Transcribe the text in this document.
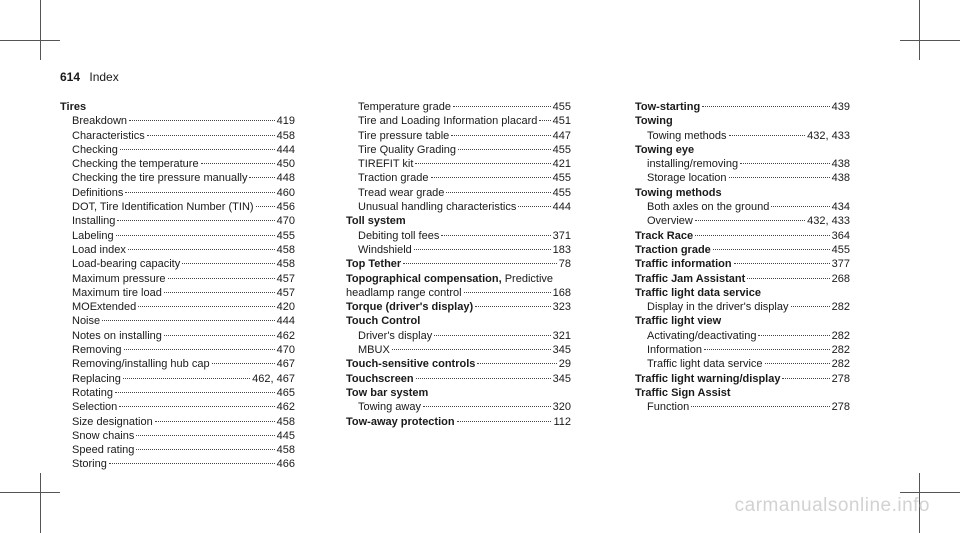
614 Index
Tires
Breakdown	419
Characteristics	458
Checking	444
Checking the temperature	450
Checking the tire pressure manually	448
Definitions	460
DOT, Tire Identification Number (TIN) 456
Installing	470
Labeling	455
Load index	458
Load-bearing capacity	458
Maximum pressure	457
Maximum tire load	457
MOExtended	420
Noise	444
Notes on installing	462
Removing	470
Removing/installing hub cap	467
Replacing	462, 467
Rotating	465
Selection	462
Size designation	458
Snow chains	445
Speed rating	458
Storing	466
Temperature grade	455
Tire and Loading Information placard 451
Tire pressure table	447
Tire Quality Grading	455
TIREFIT kit	421
Traction grade	455
Tread wear grade	455
Unusual handling characteristics	444
Toll system
Debiting toll fees	371
Windshield	183
Top Tether	78
Topographical compensation, Predictive
headlamp range control	168
Torque (driver's display)	323
Touch Control
Driver's display	321
MBUX	345
Touch-sensitive controls	29
Touchscreen	345
Tow bar system
Towing away	320
Tow-away protection	112
Tow-starting	439
Towing
Towing methods	432, 433
Towing eye
installing/removing	438
Storage location	438
Towing methods
Both axles on the ground	434
Overview	432, 433
Track Race	364
Traction grade	455
Traffic information	377
Traffic Jam Assistant	268
Traffic light data service
Display in the driver's display	282
Traffic light view
Activating/deactivating	282
Information	282
Traffic light data service	282
Traffic light warning/display	278
Traffic Sign Assist
Function	278
carmanualsonline.info
